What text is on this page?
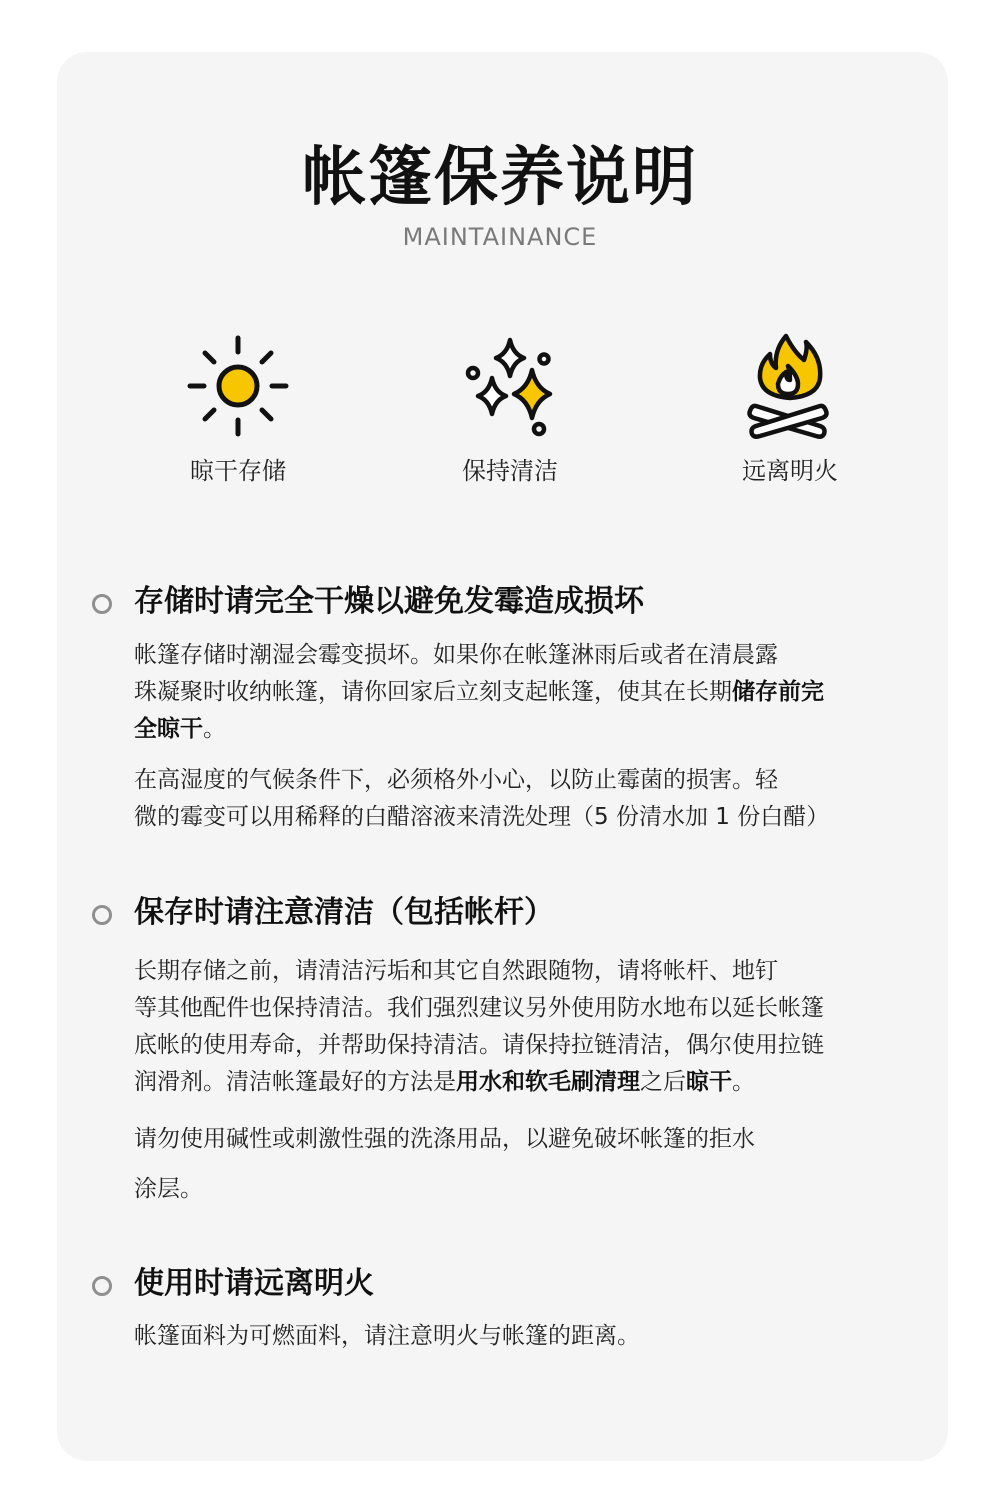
帐篷保养说明
MAINTAINANCE
晾干存储	保持清洁	远离明火
存储时请完全干燥以避免发霉造成损坏

帐篷存储时潮湿会霉变损坏。如果你在帐篷淋雨后或者在清晨露
珠凝聚时收纳帐篷，请你回家后立刻支起帐篷，使其在长期储存前完
全晾干。

在高湿度的气候条件下，必须格外小心，以防止霉菌的损害。轻
微的霉变可以用稀释的白醋溶液来清洗处理（5 份清水加 1 份白醋）

保存时请注意清洁（包括帐杆）

长期存储之前，请清洁污垢和其它自然跟随物，请将帐杆、地钉
等其他配件也保持清洁。我们强烈建议另外使用防水地布以延长帐篷
底帐的使用寿命，并帮助保持清洁。请保持拉链清洁，偶尔使用拉链
润滑剂。清洁帐篷最好的方法是用水和软毛刷清理之后晾干。

请勿使用碱性或刺激性强的洗涤用品，以避免破坏帐篷的拒水
涂层。

使用时请远离明火

帐篷面料为可燃面料，请注意明火与帐篷的距离。
